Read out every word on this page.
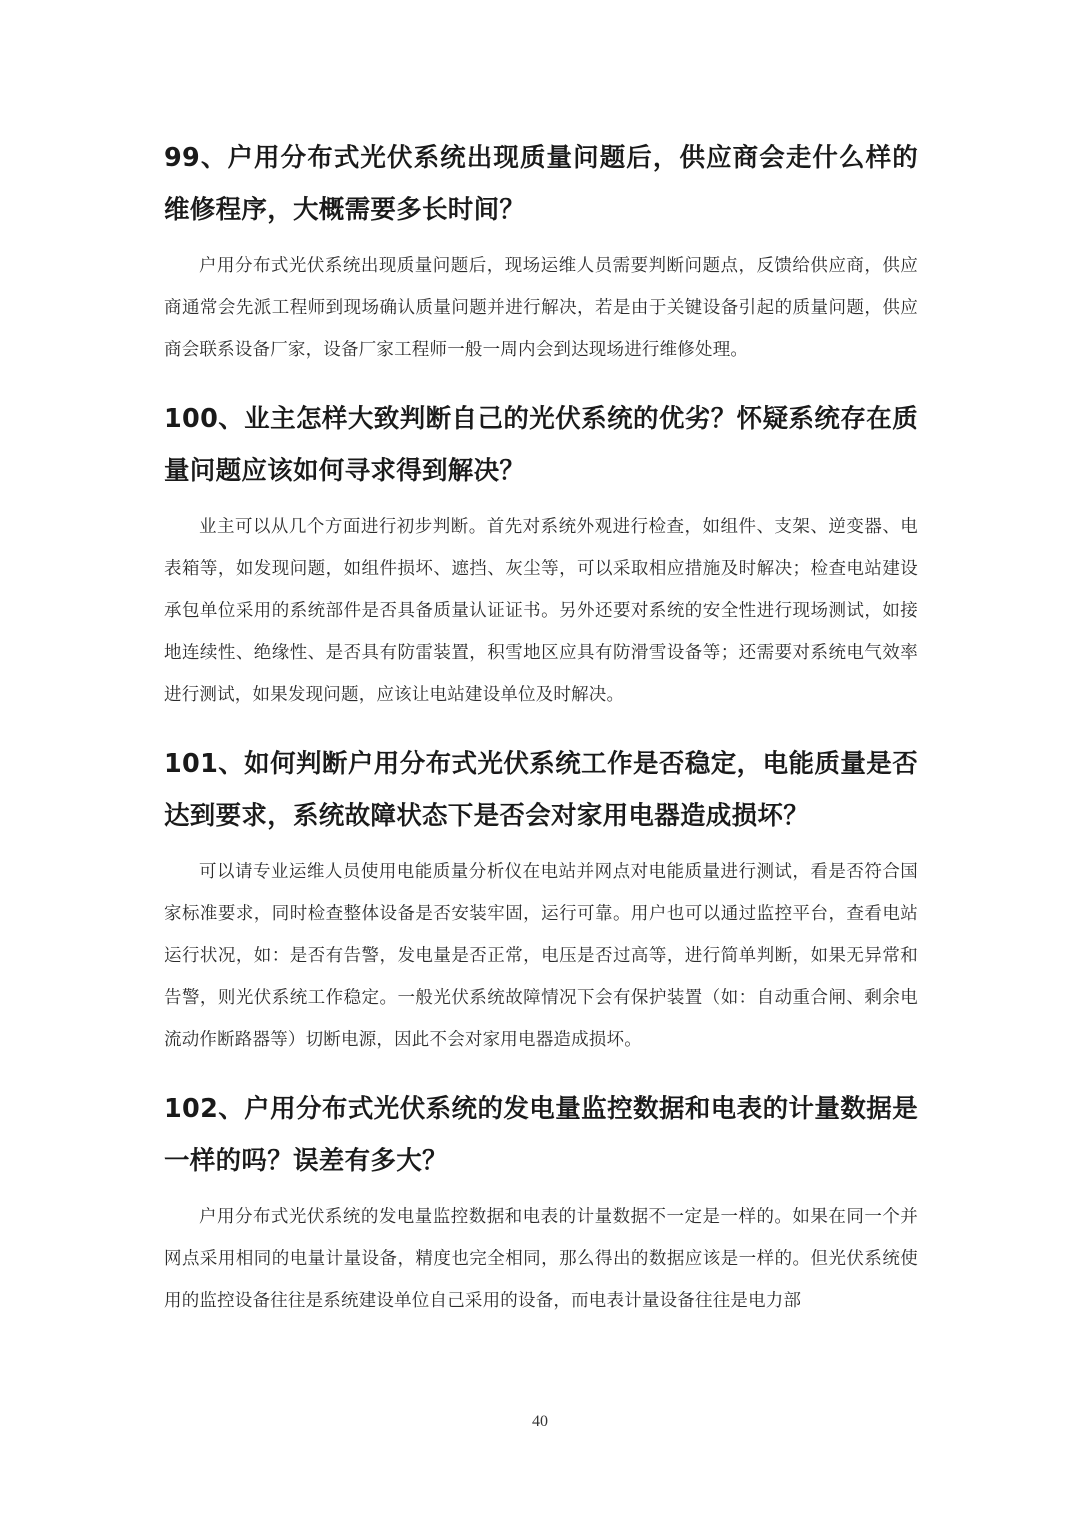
99、户用分布式光伏系统出现质量问题后，供应商会走什么样的维修程序，大概需要多长时间？

户用分布式光伏系统出现质量问题后，现场运维人员需要判断问题点，反馈给供应商，供应商通常会先派工程师到现场确认质量问题并进行解决，若是由于关键设备引起的质量问题，供应商会联系设备厂家，设备厂家工程师一般一周内会到达现场进行维修处理。

100、业主怎样大致判断自己的光伏系统的优劣？怀疑系统存在质量问题应该如何寻求得到解决？

业主可以从几个方面进行初步判断。首先对系统外观进行检查，如组件、支架、逆变器、电表箱等，如发现问题，如组件损坏、遮挡、灰尘等，可以采取相应措施及时解决；检查电站建设承包单位采用的系统部件是否具备质量认证证书。另外还要对系统的安全性进行现场测试，如接地连续性、绝缘性、是否具有防雷装置，积雪地区应具有防滑雪设备等；还需要对系统电气效率进行测试，如果发现问题，应该让电站建设单位及时解决。

101、如何判断户用分布式光伏系统工作是否稳定，电能质量是否达到要求，系统故障状态下是否会对家用电器造成损坏？

可以请专业运维人员使用电能质量分析仪在电站并网点对电能质量进行测试，看是否符合国家标准要求，同时检查整体设备是否安装牢固，运行可靠。用户也可以通过监控平台，查看电站运行状况，如：是否有告警，发电量是否正常，电压是否过高等，进行简单判断，如果无异常和告警，则光伏系统工作稳定。一般光伏系统故障情况下会有保护装置（如：自动重合闸、剩余电流动作断路器等）切断电源，因此不会对家用电器造成损坏。

102、户用分布式光伏系统的发电量监控数据和电表的计量数据是一样的吗？误差有多大？

户用分布式光伏系统的发电量监控数据和电表的计量数据不一定是一样的。如果在同一个并网点采用相同的电量计量设备，精度也完全相同，那么得出的数据应该是一样的。但光伏系统使用的监控设备往往是系统建设单位自己采用的设备，而电表计量设备往往是电力部

40
